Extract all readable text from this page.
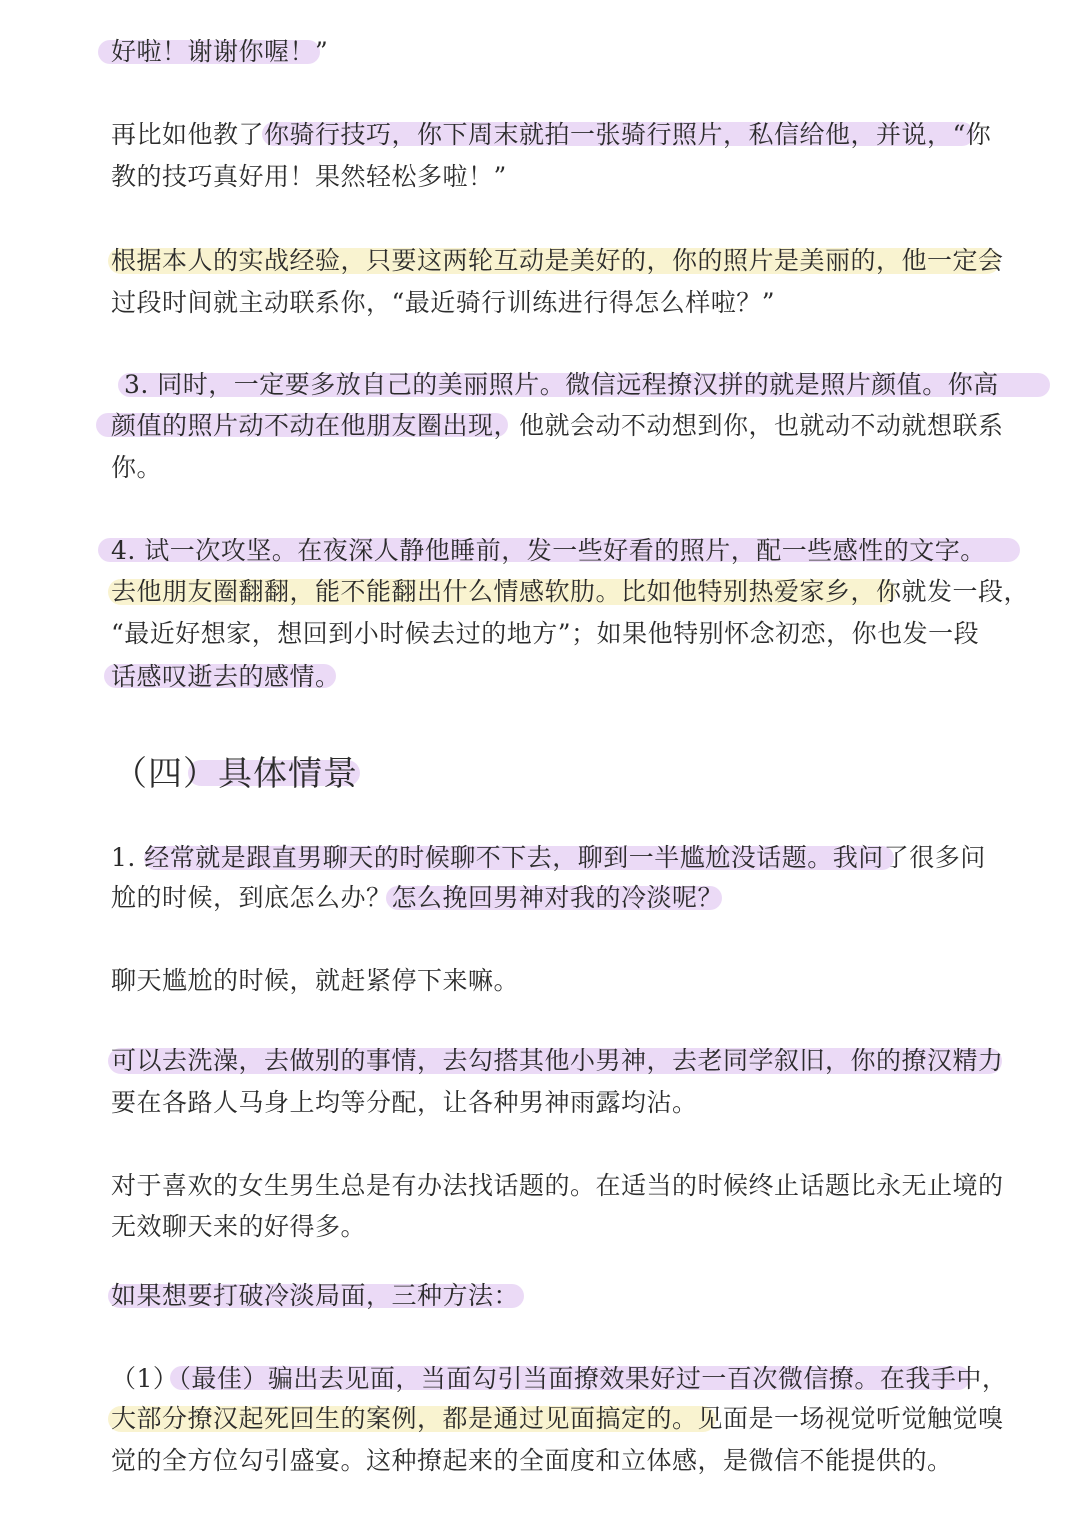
好啦！谢谢你喔！”
再比如他教了你骑行技巧，你下周末就拍一张骑行照片，私信给他，并说，“你
教的技巧真好用！果然轻松多啦！”
根据本人的实战经验，只要这两轮互动是美好的，你的照片是美丽的，他一定会
过段时间就主动联系你，“最近骑行训练进行得怎么样啦？”
3. 同时，一定要多放自己的美丽照片。微信远程撩汉拼的就是照片颜值。你高
颜值的照片动不动在他朋友圈出现，他就会动不动想到你，也就动不动就想联系
你。
4. 试一次攻坚。在夜深人静他睡前，发一些好看的照片，配一些感性的文字。
去他朋友圈翻翻，能不能翻出什么情感软肋。比如他特别热爱家乡，你就发一段，
“最近好想家，想回到小时候去过的地方”；如果他特别怀念初恋，你也发一段
话感叹逝去的感情。
（四）具体情景
1. 经常就是跟直男聊天的时候聊不下去，聊到一半尴尬没话题。我问了很多问
尬的时候，到底怎么办？怎么挽回男神对我的冷淡呢？
聊天尴尬的时候，就赶紧停下来嘛。
可以去洗澡，去做别的事情，去勾搭其他小男神，去老同学叙旧，你的撩汉精力
要在各路人马身上均等分配，让各种男神雨露均沾。
对于喜欢的女生男生总是有办法找话题的。在适当的时候终止话题比永无止境的
无效聊天来的好得多。
如果想要打破冷淡局面，三种方法：
（1）（最佳）骗出去见面，当面勾引当面撩效果好过一百次微信撩。在我手中，
大部分撩汉起死回生的案例，都是通过见面搞定的。见面是一场视觉听觉触觉嗅
觉的全方位勾引盛宴。这种撩起来的全面度和立体感，是微信不能提供的。
